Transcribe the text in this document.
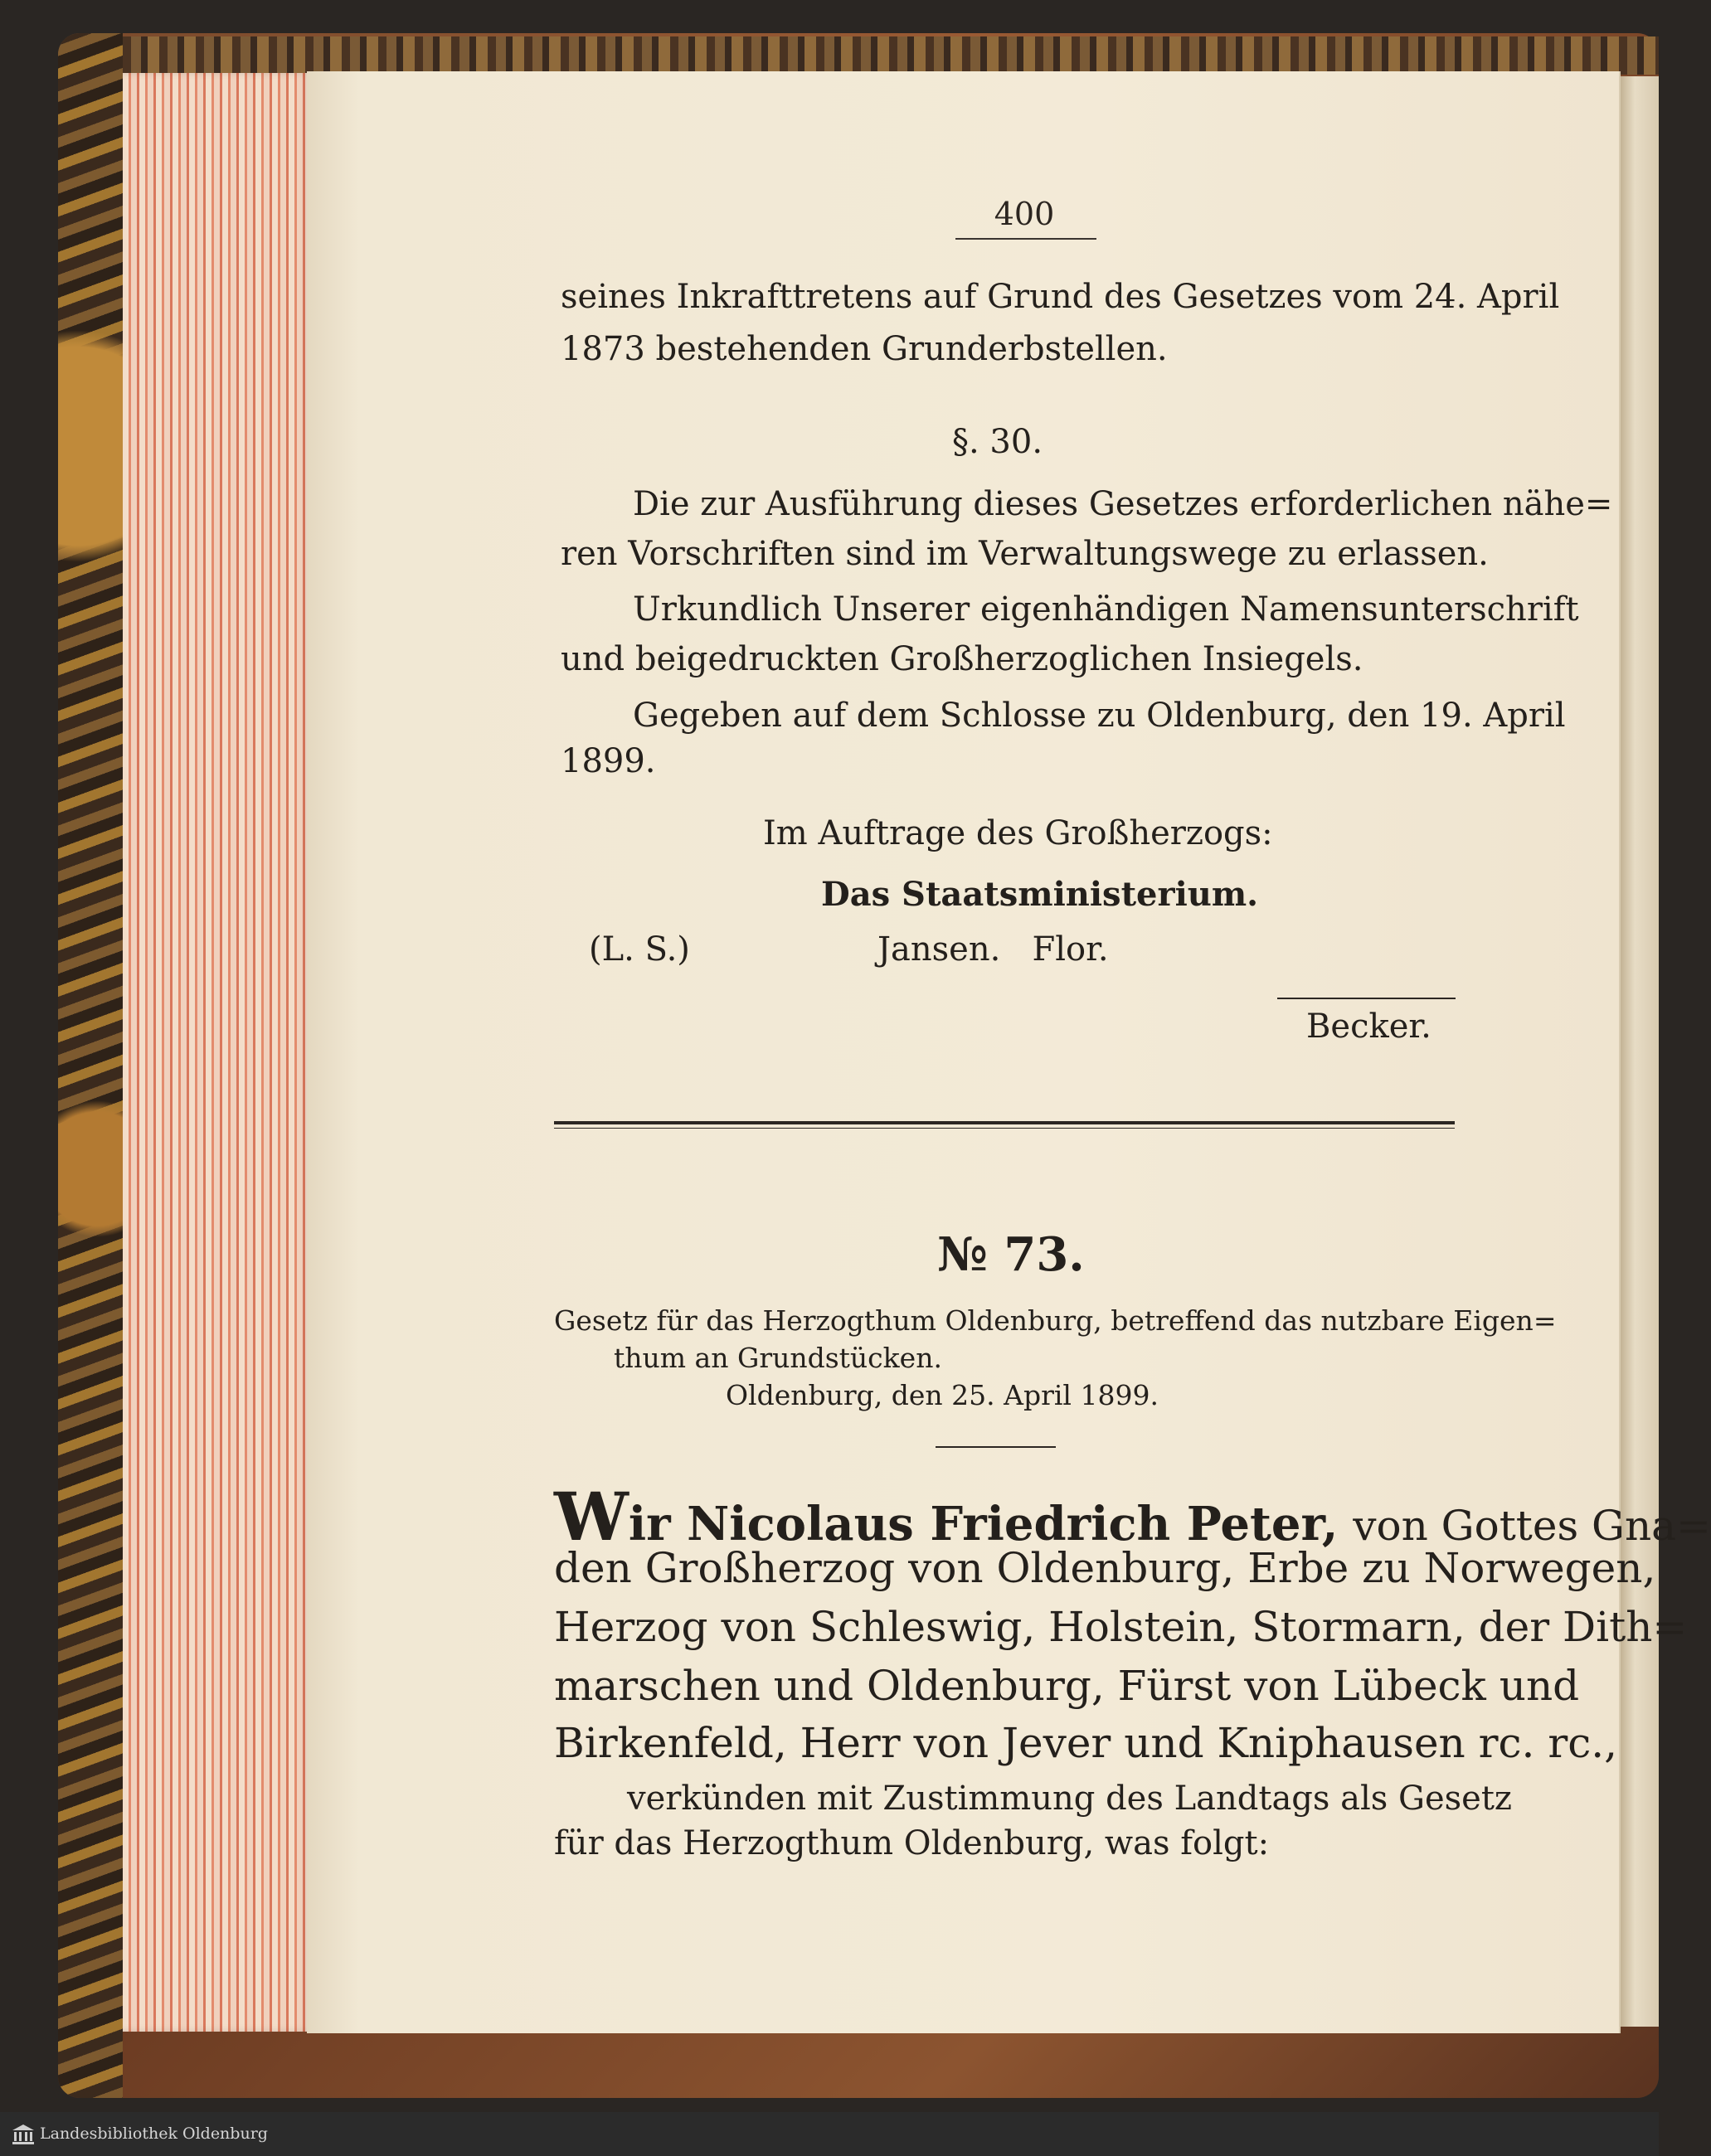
400
seines Inkrafttretens auf Grund des Gesetzes vom 24. April
1873 bestehenden Grunderbstellen.
§. 30.
Die zur Ausführung dieses Gesetzes erforderlichen nähe=
ren Vorschriften sind im Verwaltungswege zu erlassen.
Urkundlich Unserer eigenhändigen Namensunterschrift
und beigedruckten Großherzoglichen Insiegels.
Gegeben auf dem Schlosse zu Oldenburg, den 19. April
1899.
Im Auftrage des Großherzogs:
Das Staatsministerium.
(L. S.)	Jansen.   Flor.
Becker.
№ 73.
Gesetz für das Herzogthum Oldenburg, betreffend das nutzbare Eigen=
thum an Grundstücken.
Oldenburg, den 25. April 1899.
Wir Nicolaus Friedrich Peter, von Gottes Gna=
den Großherzog von Oldenburg, Erbe zu Norwegen,
Herzog von Schleswig, Holstein, Stormarn, der Dith=
marschen und Oldenburg, Fürst von Lübeck und
Birkenfeld, Herr von Jever und Kniphausen rc. rc.,
verkünden mit Zustimmung des Landtags als Gesetz
für das Herzogthum Oldenburg, was folgt:
Landesbibliothek Oldenburg
